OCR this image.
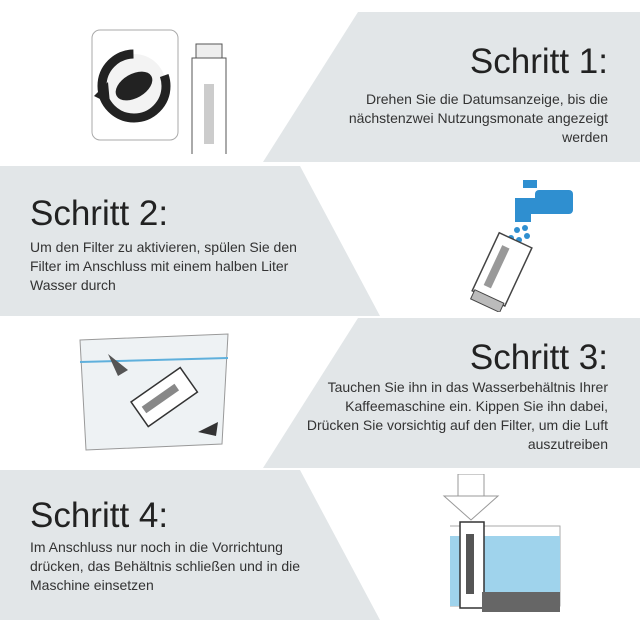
Schritt 1:
Drehen Sie die Datumsanzeige, bis die nächstenzwei Nutzungsmonate angezeigt werden
Schritt 2:
Um den Filter zu aktivieren, spülen Sie den Filter im Anschluss mit einem halben Liter Wasser durch
Schritt 3:
Tauchen Sie ihn in das Wasserbehältnis Ihrer Kaffeemaschine ein. Kippen Sie ihn dabei, Drücken Sie vorsichtig auf den Filter, um die Luft auszutreiben
Schritt 4:
Im Anschluss nur noch in die Vorrichtung drücken, das Behältnis schließen und in die Maschine einsetzen
